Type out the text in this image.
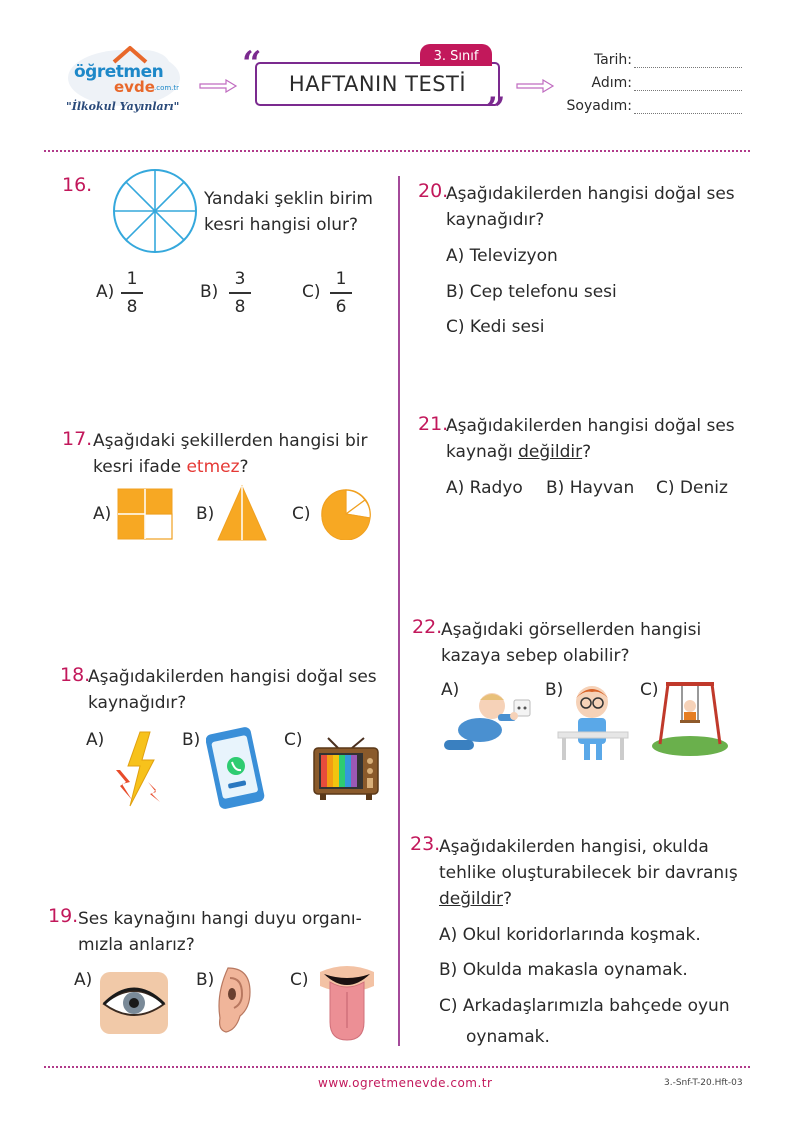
öğretmen
evde .com.tr
"İlkokul Yayınları"
“
”
HAFTANIN TESTİ
3. Sınıf	Tarih:
Adım:
Soyadım:
16.
Yandaki şeklin birim
kesri hangisi olur?
A)
1
8
B)
3
8
C)
1
6
17. Aşağıdaki şekillerden hangisi bir
kesri ifade etmez?
A)	B)	C)
18.
Aşağıdakilerden hangisi doğal ses
kaynağıdır?
A)	B)	C)
19. Ses kaynağını hangi duyu organı-
mızla anlarız?
A)	B)	C)
20.
Aşağıdakilerden hangisi doğal ses
kaynağıdır?
A) Televizyon
B) Cep telefonu sesi
C) Kedi sesi
21.
Aşağıdakilerden hangisi doğal ses
kaynağı değildir?
A) Radyo B) Hayvan C) Deniz
22.
Aşağıdaki görsellerden hangisi
kazaya sebep olabilir?
A)	B)	C)
23.
Aşağıdakilerden hangisi, okulda
tehlike oluşturabilecek bir davranış
değildir?
A) Okul koridorlarında koşmak.
B) Okulda makasla oynamak.
C) Arkadaşlarımızla bahçede oyun
oynamak.
www.ogretmenevde.com.tr	3.-Snf-T-20.Hft-03
